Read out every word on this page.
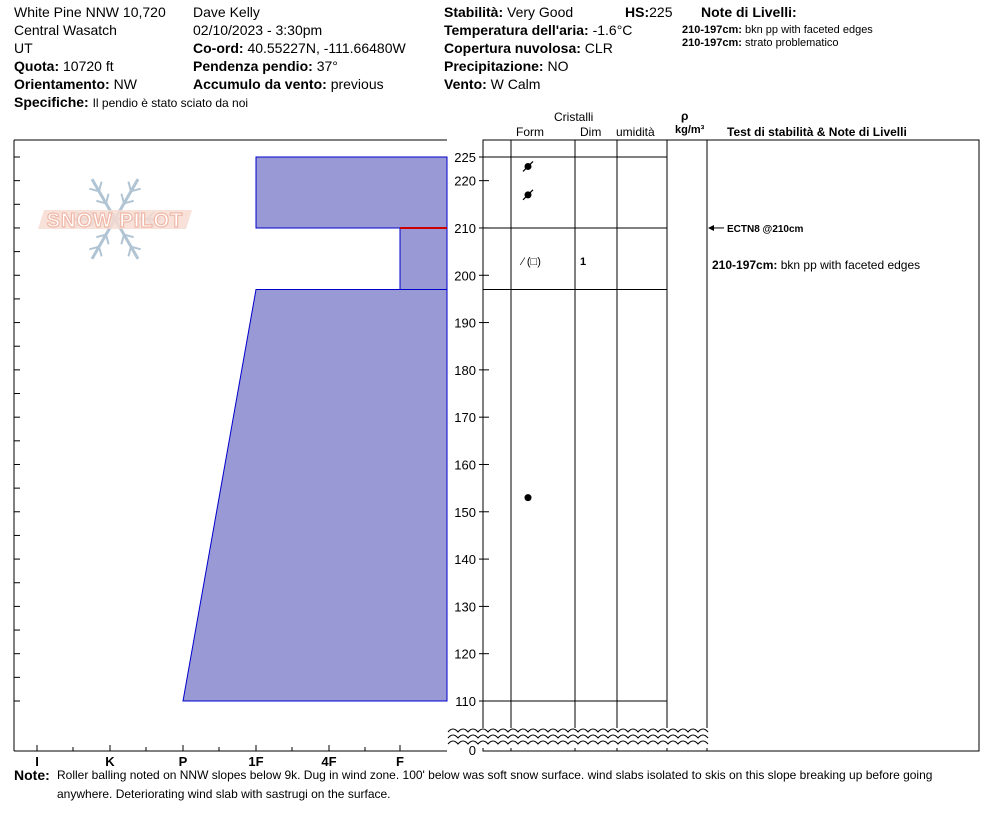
White Pine NNW 10,720
Central Wasatch
UT
Quota: 10720 ft
Orientamento: NW
Specifiche: Il pendio è stato sciato da noi
Dave Kelly
02/10/2023 - 3:30pm
Co-ord: 40.55227N, -111.66480W
Pendenza pendio: 37°
Accumulo da vento: previous
Stabilità: Very Good	HS:225
Temperatura dell'aria: -1.6°C
Copertura nuvolosa: CLR
Precipitazione: NO
Vento: W Calm
Note di Livelli:
210-197cm: bkn pp with faceted edges
210-197cm: strato problematico
Cristalli
Form	Dim umidità
ρ
kg/m³ Test di stabilità & Note di Livelli
SNOW PILOT
I	K	P	1F	4F	F
0
110
120
130
140
150
160
170
180
190
200
210
220
225
⁄ (□)	1
ECTN8 @210cm
210-197cm: bkn pp with faceted edges
Note: Roller balling noted on NNW slopes below 9k. Dug in wind zone. 100' below was soft snow surface. wind slabs isolated to skis on this slope breaking up before going
anywhere. Deteriorating wind slab with sastrugi on the surface.
